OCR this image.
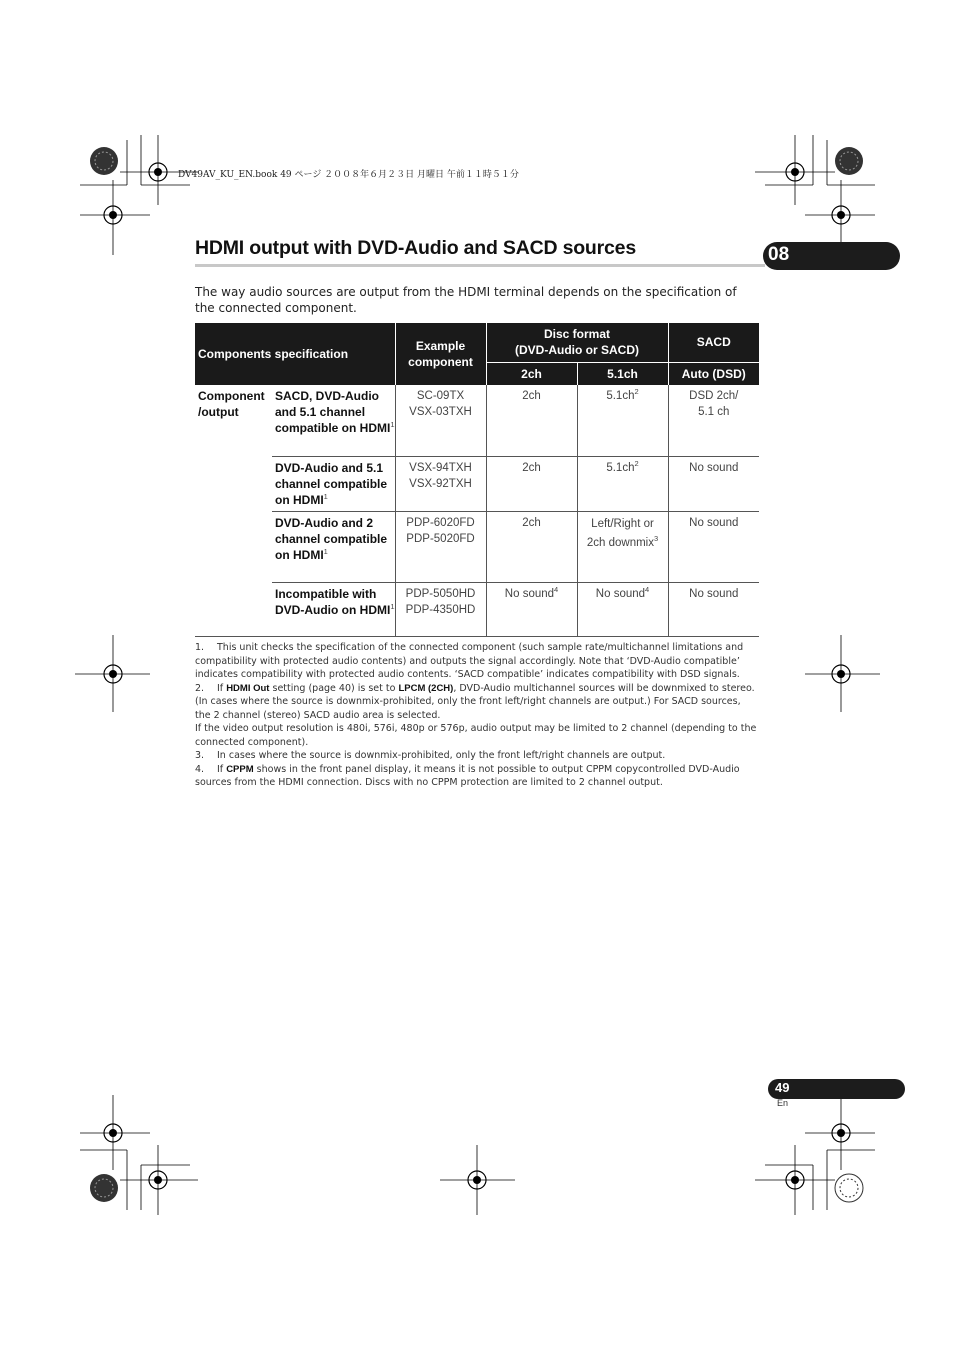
DV49AV_KU_EN.book 49 ページ ２００８年６月２３日 月曜日 午前１１時５１分
HDMI output with DVD-Audio and SACD sources	08
The way audio sources are output from the HDMI terminal depends on the specification of the connected component.
Components specification		Example component	Disc format
(DVD-Audio or SACD)		SACD
			2ch	5.1ch	Auto (DSD)
Component /output	SACD, DVD-Audio and 5.1 channel compatible on HDMI$^1$	SC-09TX
VSX-03TXH	2ch	$5.1ch^2$	DSD 2ch/
5.1 ch
	DVD-Audio and 5.1 channel compatible on HDMI$^1$	VSX-94TXH
VSX-92TXH	2ch	$5.1ch^2$	No sound
	DVD-Audio and 2 channel compatible on HDMI$^1$	PDP-6020FD
PDP-5020FD	2ch	Left/Right or 2ch downmix$^3$	No sound
	Incompatible with DVD-Audio on HDMI$^1$	PDP-5050HD
PDP-4350HD	No sound$^4$	No sound$^4$	No sound

1. This unit checks the specification of the connected component (such sample rate/multichannel limitations and compatibility with protected audio contents) and outputs the signal accordingly. Note that ‘DVD-Audio compatible’ indicates compatibility with protected audio contents. ‘SACD compatible’ indicates compatibility with DSD signals.

2. If HDMI Out setting (page 40) is set to LPCM (2CH), DVD-Audio multichannel sources will be downmixed to stereo. (In cases where the source is downmix-prohibited, only the front left/right channels are output.) For SACD sources, the 2 channel (stereo) SACD audio area is selected.

If the video output resolution is 480i, 576i, 480p or 576p, audio output may be limited to 2 channel (depending to the connected component).

3. In cases where the source is downmix-prohibited, only the front left/right channels are output.

4. If CPPM shows in the front panel display, it means it is not possible to output CPPM copycontrolled DVD-Audio sources from the HDMI connection. Discs with no CPPM protection are limited to 2 channel output.

49
En
